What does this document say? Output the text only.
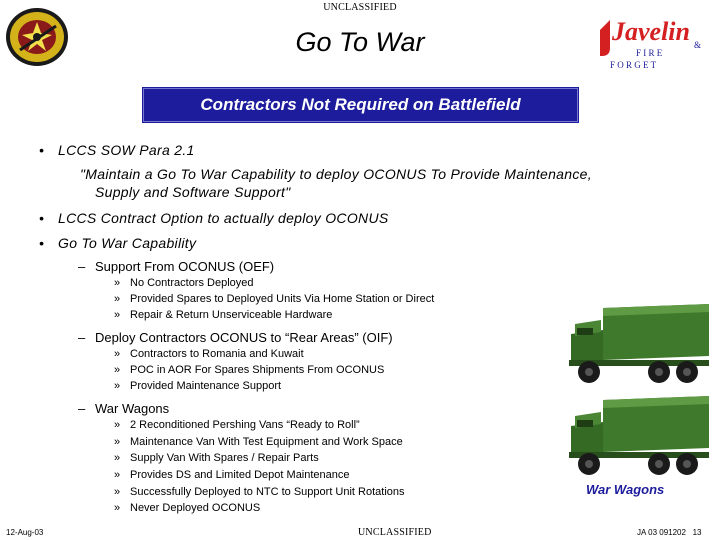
UNCLASSIFIED
Go To War	Javelin
F I R E
&
F O R G E T
Contractors Not Required on Battlefield
• LCCS SOW Para 2.1
"Maintain a Go To War Capability to deploy OCONUS To Provide Maintenance,
Supply and Software Support"
• LCCS Contract Option to actually deploy OCONUS
• Go To War Capability
– Support From OCONUS (OEF)
» No Contractors Deployed
» Provided Spares to Deployed Units Via Home Station or Direct
» Repair & Return Unserviceable Hardware
– Deploy Contractors OCONUS to “Rear Areas” (OIF)
» Contractors to Romania and Kuwait
» POC in AOR For Spares Shipments From OCONUS
» Provided Maintenance Support
– War Wagons
» 2 Reconditioned Pershing Vans “Ready to Roll”
» Maintenance Van With Test Equipment and Work Space
» Supply Van With Spares / Repair Parts
» Provides DS and Limited Depot Maintenance
» Successfully Deployed to NTC to Support Unit Rotations
» Never Deployed OCONUS
War Wagons
12-Aug-03	UNCLASSIFIED	JA 03 091202 13
